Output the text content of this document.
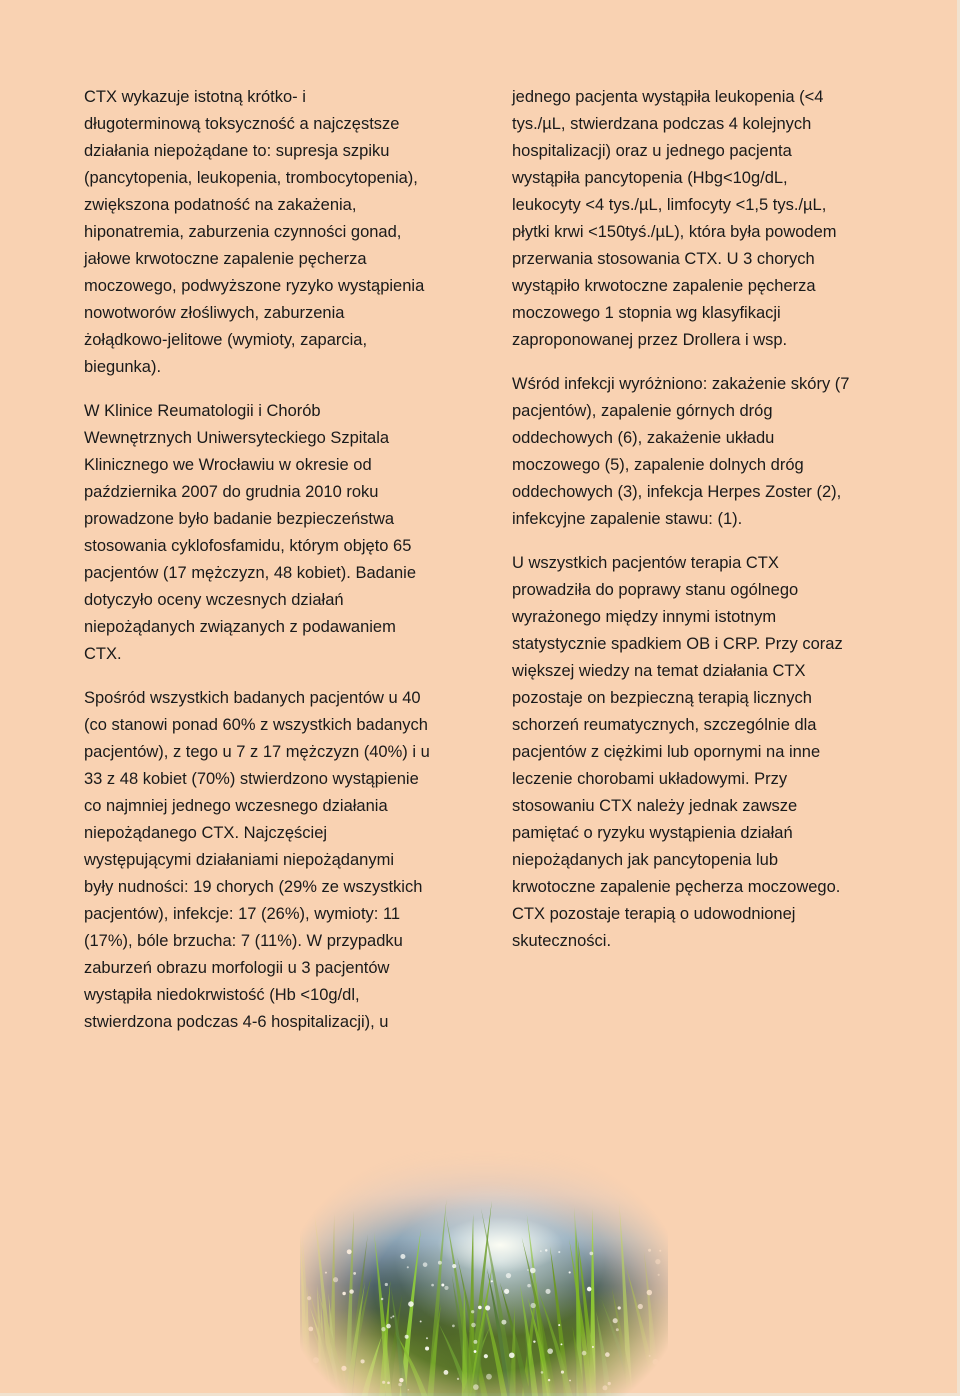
CTX wykazuje istotną krótko- i
długoterminową toksyczność a najczęstsze
działania niepożądane to: supresja szpiku
(pancytopenia, leukopenia, trombocytopenia),
zwiększona podatność na zakażenia,
hiponatremia, zaburzenia czynności gonad,
jałowe krwotoczne zapalenie pęcherza
moczowego, podwyższone ryzyko wystąpienia
nowotworów złośliwych, zaburzenia
żołądkowo-jelitowe (wymioty, zaparcia,
biegunka).

W Klinice Reumatologii i Chorób
Wewnętrznych Uniwersyteckiego Szpitala
Klinicznego we Wrocławiu w okresie od
października 2007 do grudnia 2010 roku
prowadzone było badanie bezpieczeństwa
stosowania cyklofosfamidu, którym objęto 65
pacjentów (17 mężczyzn, 48 kobiet). Badanie
dotyczyło oceny wczesnych działań
niepożądanych związanych z podawaniem
CTX.

Spośród wszystkich badanych pacjentów u 40
(co stanowi ponad 60% z wszystkich badanych
pacjentów), z tego u 7 z 17 mężczyzn (40%) i u
33 z 48 kobiet (70%) stwierdzono wystąpienie
co najmniej jednego wczesnego działania
niepożądanego CTX. Najczęściej
występującymi działaniami niepożądanymi
były nudności: 19 chorych (29% ze wszystkich
pacjentów), infekcje: 17 (26%), wymioty: 11
(17%), bóle brzucha: 7 (11%). W przypadku
zaburzeń obrazu morfologii u 3 pacjentów
wystąpiła niedokrwistość (Hb <10g/dl,
stwierdzona podczas 4-6 hospitalizacji), u

jednego pacjenta wystąpiła leukopenia (<4
tys./µL, stwierdzana podczas 4 kolejnych
hospitalizacji) oraz u jednego pacjenta
wystąpiła pancytopenia (Hbg<10g/dL,
leukocyty <4 tys./µL, limfocyty <1,5 tys./µL,
płytki krwi <150tyś./µL), która była powodem
przerwania stosowania CTX. U 3 chorych
wystąpiło krwotoczne zapalenie pęcherza
moczowego 1 stopnia wg klasyfikacji
zaproponowanej przez Drollera i wsp.

Wśród infekcji wyróżniono: zakażenie skóry (7
pacjentów), zapalenie górnych dróg
oddechowych (6), zakażenie układu
moczowego (5), zapalenie dolnych dróg
oddechowych (3), infekcja Herpes Zoster (2),
infekcyjne zapalenie stawu: (1).

U wszystkich pacjentów terapia CTX
prowadziła do poprawy stanu ogólnego
wyrażonego między innymi istotnym
statystycznie spadkiem OB i CRP. Przy coraz
większej wiedzy na temat działania CTX
pozostaje on bezpieczną terapią licznych
schorzeń reumatycznych, szczególnie dla
pacjentów z ciężkimi lub opornymi na inne
leczenie chorobami układowymi. Przy
stosowaniu CTX należy jednak zawsze
pamiętać o ryzyku wystąpienia działań
niepożądanych jak pancytopenia lub
krwotoczne zapalenie pęcherza moczowego.
CTX pozostaje terapią o udowodnionej
skuteczności.
